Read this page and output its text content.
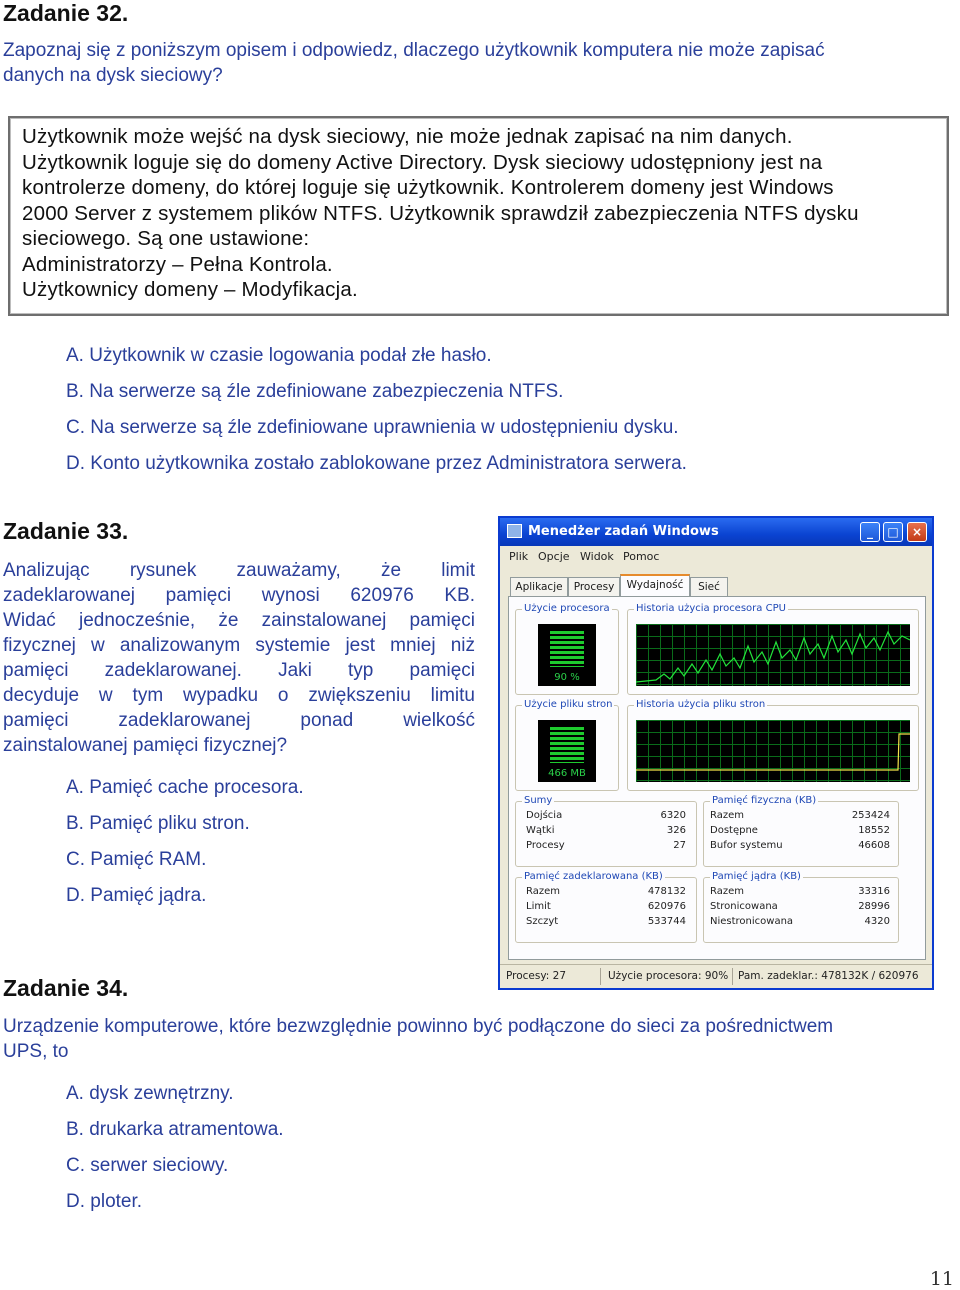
Zadanie 32.
Zapoznaj się z poniższym opisem i odpowiedz, dlaczego użytkownik komputera nie może zapisać
danych na dysk sieciowy?
Użytkownik może wejść na dysk sieciowy, nie może jednak zapisać na nim danych.
Użytkownik loguje się do domeny Active Directory. Dysk sieciowy udostępniony jest na
kontrolerze domeny, do której loguje się użytkownik. Kontrolerem domeny jest Windows
2000 Server z systemem plików NTFS. Użytkownik sprawdził zabezpieczenia NTFS dysku
sieciowego. Są one ustawione:
Administratorzy – Pełna Kontrola.
Użytkownicy domeny – Modyfikacja.
A. Użytkownik w czasie logowania podał złe hasło.
B. Na serwerze są źle zdefiniowane zabezpieczenia NTFS.
C. Na serwerze są źle zdefiniowane uprawnienia w udostępnieniu dysku.
D. Konto użytkownika zostało zablokowane przez Administratora serwera.
Zadanie 33.
Analizując rysunek zauważamy, że limit
zadeklarowanej pamięci wynosi 620976 KB.
Widać jednocześnie, że zainstalowanej pamięci
fizycznej w analizowanym systemie jest mniej niż
pamięci zadeklarowanej. Jaki typ pamięci
decyduje w tym wypadku o zwiększeniu limitu
pamięci zadeklarowanej ponad wielkość
zainstalowanej pamięci fizycznej?
A. Pamięć cache procesora.
B. Pamięć pliku stron.
C. Pamięć RAM.
D. Pamięć jądra.
Menedżer zadań Windows	_	□	×
Plik Opcje Widok Pomoc
Aplikacje	Procesy	Wydajność	Sieć
Użycie procesora
90 %
Historia użycia procesora CPU
Użycie pliku stron
466 MB
Historia użycia pliku stron
Sumy
Dojścia	6320
Wątki	326
Procesy	27
Pamięć fizyczna (KB)
Razem	253424
Dostępne	18552
Bufor systemu	46608
Pamięć zadeklarowana (KB)
Razem	478132
Limit	620976
Szczyt	533744
Pamięć jądra (KB)
Razem	33316
Stronicowana	28996
Niestronicowana	4320
Procesy: 27	Użycie procesora: 90% Pam. zadeklar.: 478132K / 620976
Zadanie 34.
Urządzenie komputerowe, które bezwzględnie powinno być podłączone do sieci za pośrednictwem
UPS, to
A. dysk zewnętrzny.
B. drukarka atramentowa.
C. serwer sieciowy.
D. ploter.
11
